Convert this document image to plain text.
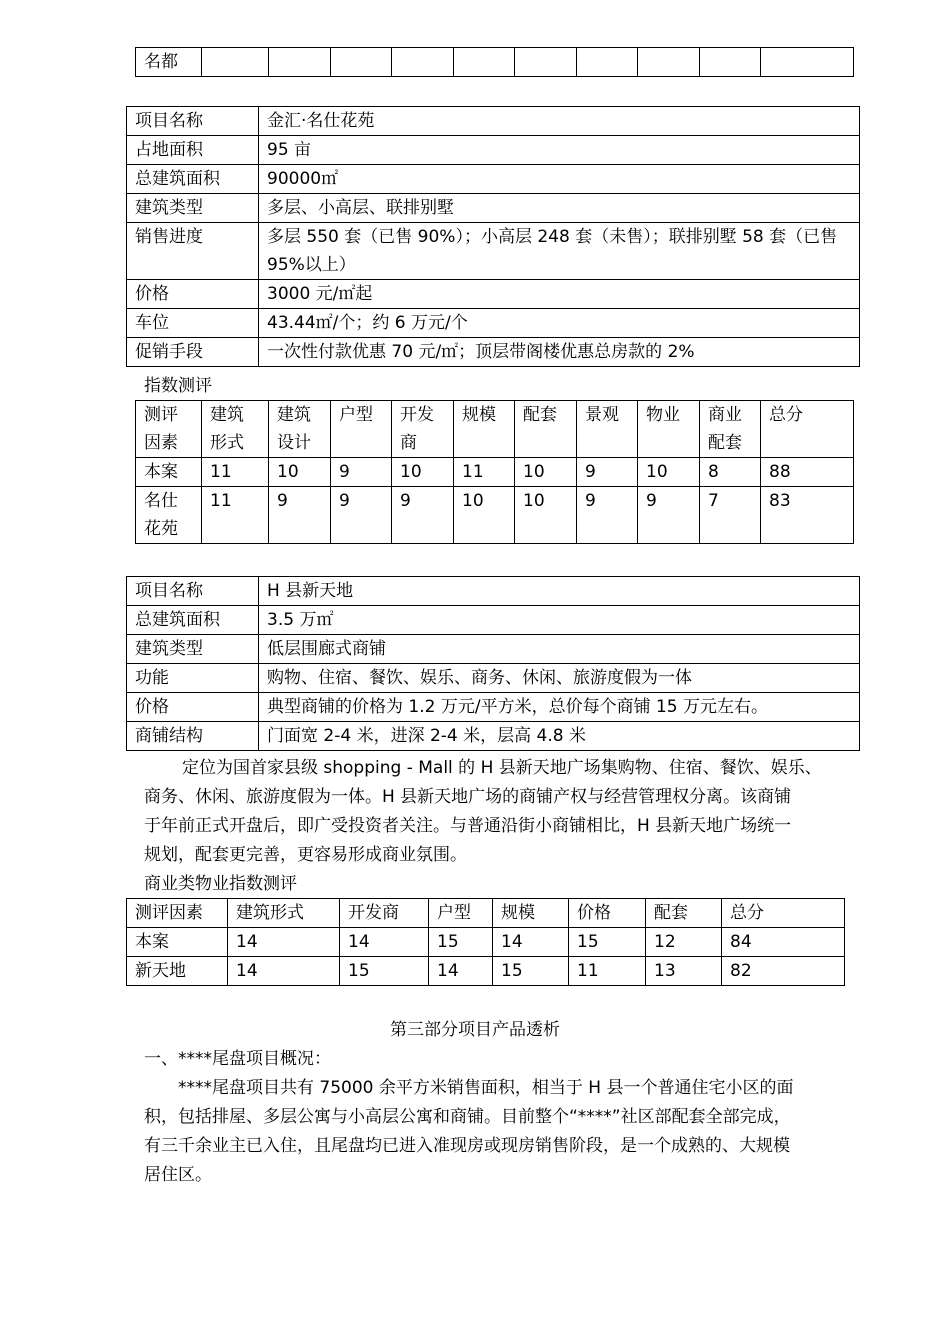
名都										
项目名称	金汇·名仕花苑
占地面积	95 亩
总建筑面积	90000㎡
建筑类型	多层、小高层、联排别墅
销售进度	多层 550 套（已售 90%）；小高层 248 套（未售）；联排别墅 58 套（已售 95%以上）
价格	3000 元/㎡起
车位	43.44㎡/个；约 6 万元/个
促销手段	一次性付款优惠 70 元/㎡；顶层带阁楼优惠总房款的 2%
指数测评
测评因素	建筑形式	建筑设计	户型	开发商	规模	配套	景观	物业	商业配套	总分
本案	11	10	9	10	11	10	9	10	8	88
名仕花苑	11	9	9	9	10	10	9	9	7	83
项目名称	H 县新天地
总建筑面积	3.5 万㎡
建筑类型	低层围廊式商铺
功能	购物、住宿、餐饮、娱乐、商务、休闲、旅游度假为一体
价格	典型商铺的价格为 1.2 万元/平方米，总价每个商铺 15 万元左右。
商铺结构	门面宽 2-4 米，进深 2-4 米，层高 4.8 米

定位为国首家县级 shopping - Mall 的 H 县新天地广场集购物、住宿、餐饮、娱乐、

商务、休闲、旅游度假为一体。H 县新天地广场的商铺产权与经营管理权分离。该商铺

于年前正式开盘后，即广受投资者关注。与普通沿街小商铺相比，H 县新天地广场统一

规划，配套更完善，更容易形成商业氛围。

商业类物业指数测评
测评因素	建筑形式	开发商	户型	规模	价格	配套	总分
本案	14	14	15	14	15	12	84
新天地	14	15	14	15	11	13	82
第三部分项目产品透析
一、****尾盘项目概况：

****尾盘项目共有 75000 余平方米销售面积，相当于 H 县一个普通住宅小区的面

积，包括排屋、多层公寓与小高层公寓和商铺。目前整个“****”社区部配套全部完成，

有三千余业主已入住，且尾盘均已进入准现房或现房销售阶段，是一个成熟的、大规模

居住区。
